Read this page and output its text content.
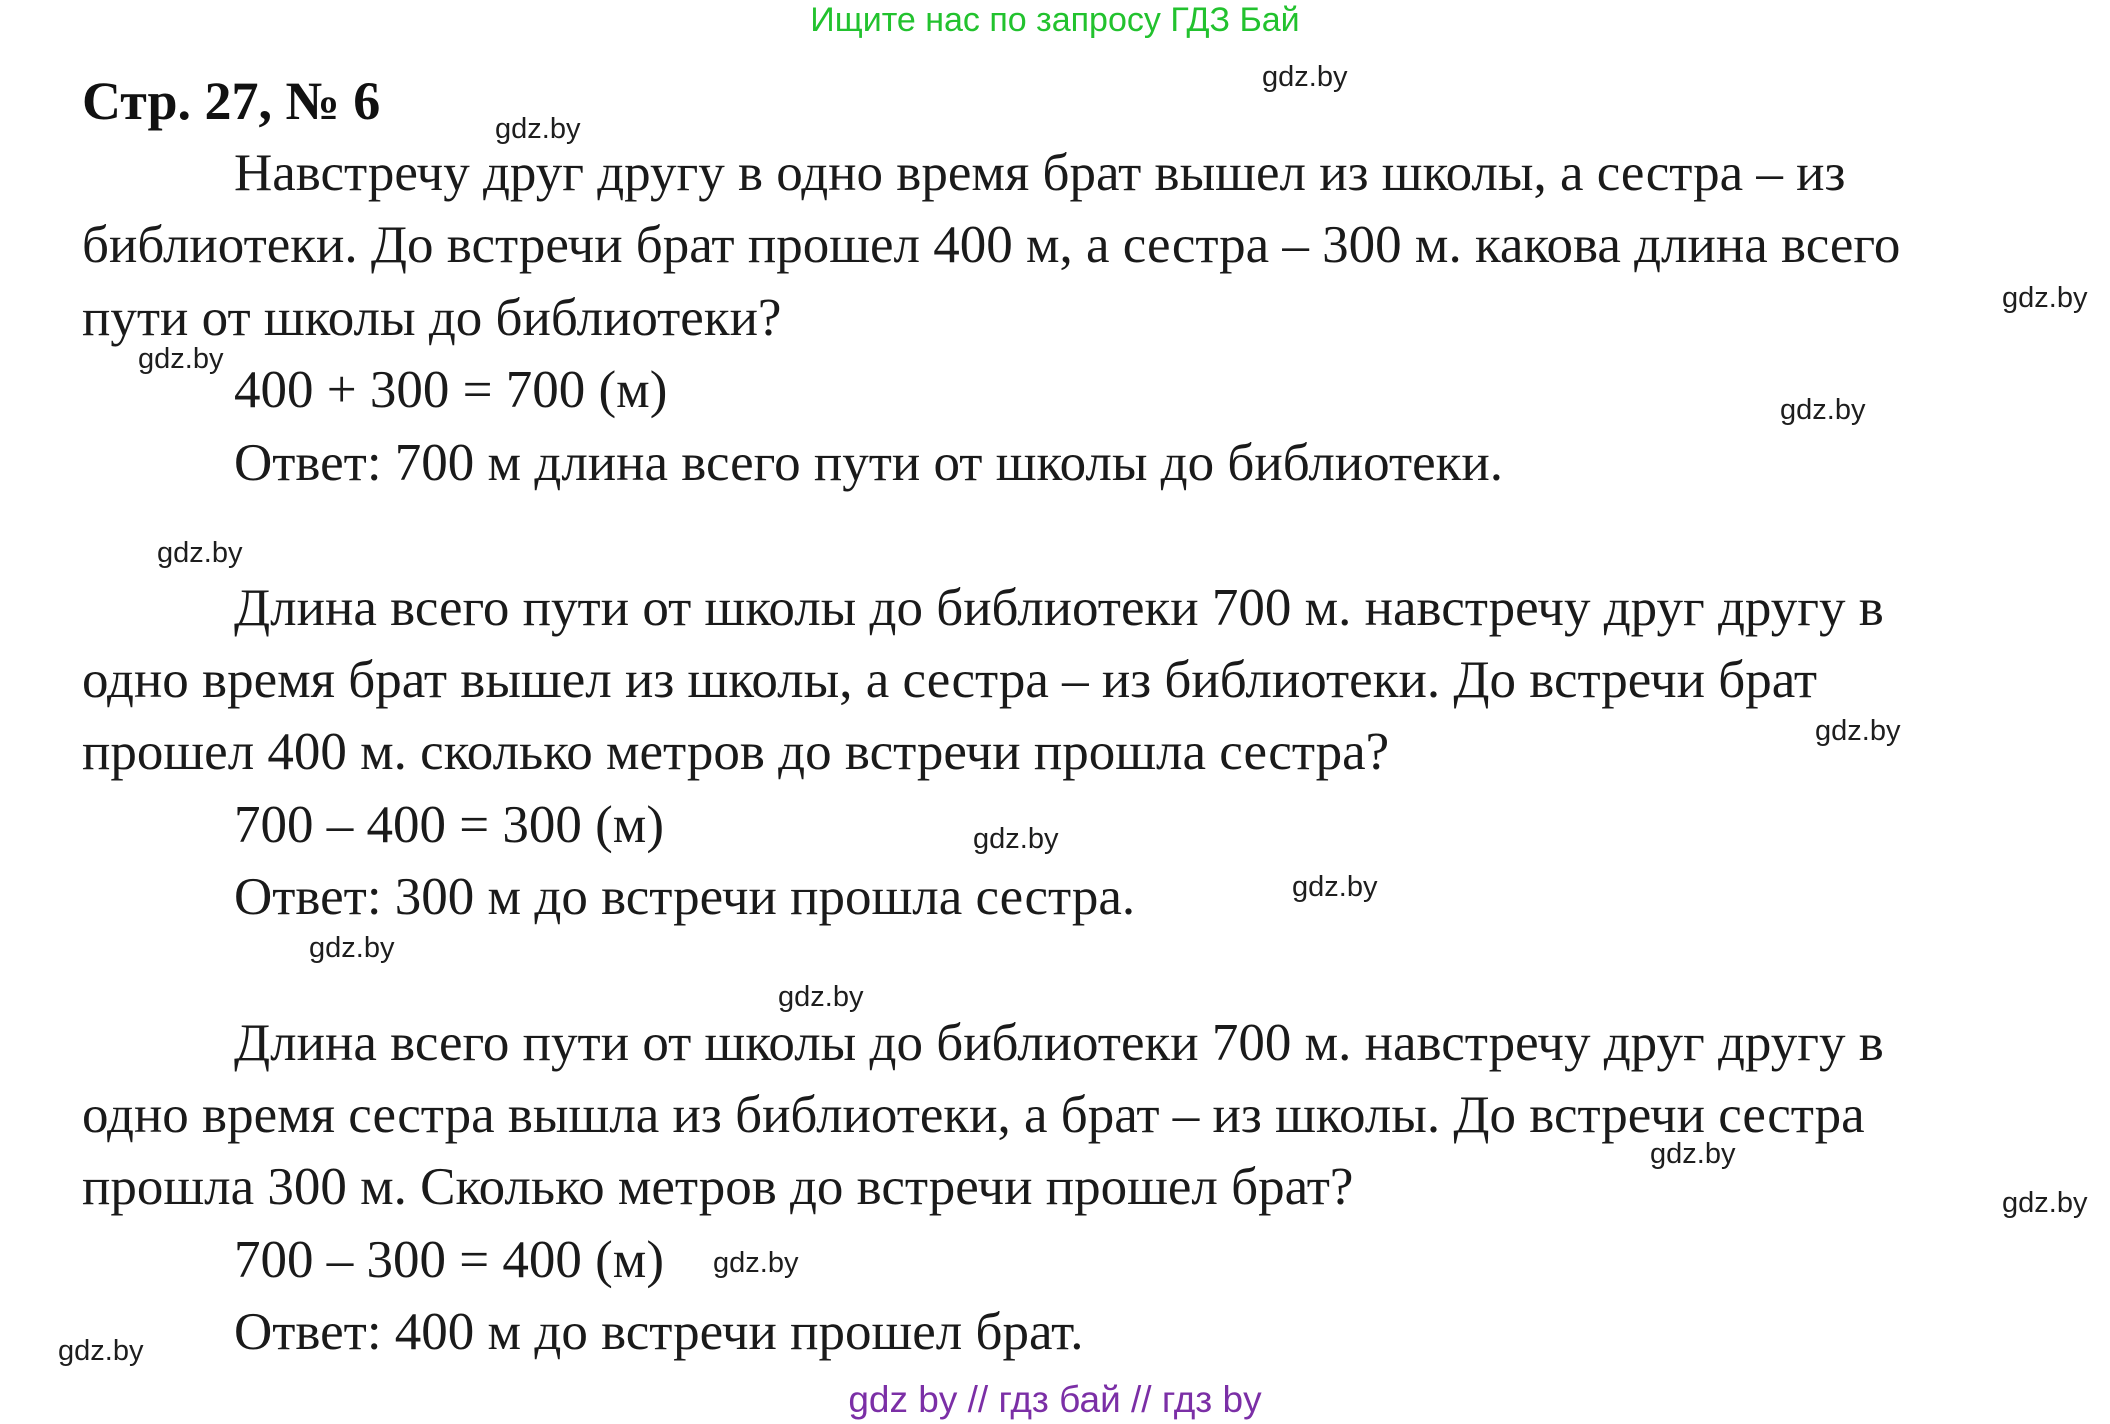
Ищите нас по запросу ГДЗ Бай
Стр. 27, № 6
Навстречу друг другу в одно время брат вышел из школы, а сестра – из
библиотеки. До встречи брат прошел 400 м, а сестра – 300 м. какова длина всего
пути от школы до библиотеки?
400 + 300 = 700 (м)
Ответ: 700 м длина всего пути от школы до библиотеки.
Длина всего пути от школы до библиотеки 700 м. навстречу друг другу в
одно время брат вышел из школы, а сестра – из библиотеки. До встречи брат
прошел 400 м. сколько метров до встречи прошла сестра?
700 – 400 = 300 (м)
Ответ: 300 м до встречи прошла сестра.
Длина всего пути от школы до библиотеки 700 м. навстречу друг другу в
одно время сестра вышла из библиотеки, а брат – из школы. До встречи сестра
прошла 300 м. Сколько метров до встречи прошел брат?
700 – 300 = 400 (м)
Ответ: 400 м до встречи прошел брат.
gdz.by
gdz.by
gdz.by
gdz.by
gdz.by
gdz.by
gdz.by
gdz.by
gdz.by
gdz.by
gdz.by
gdz.by
gdz.by
gdz.by
gdz.by
gdz by // гдз бай // гдз by
